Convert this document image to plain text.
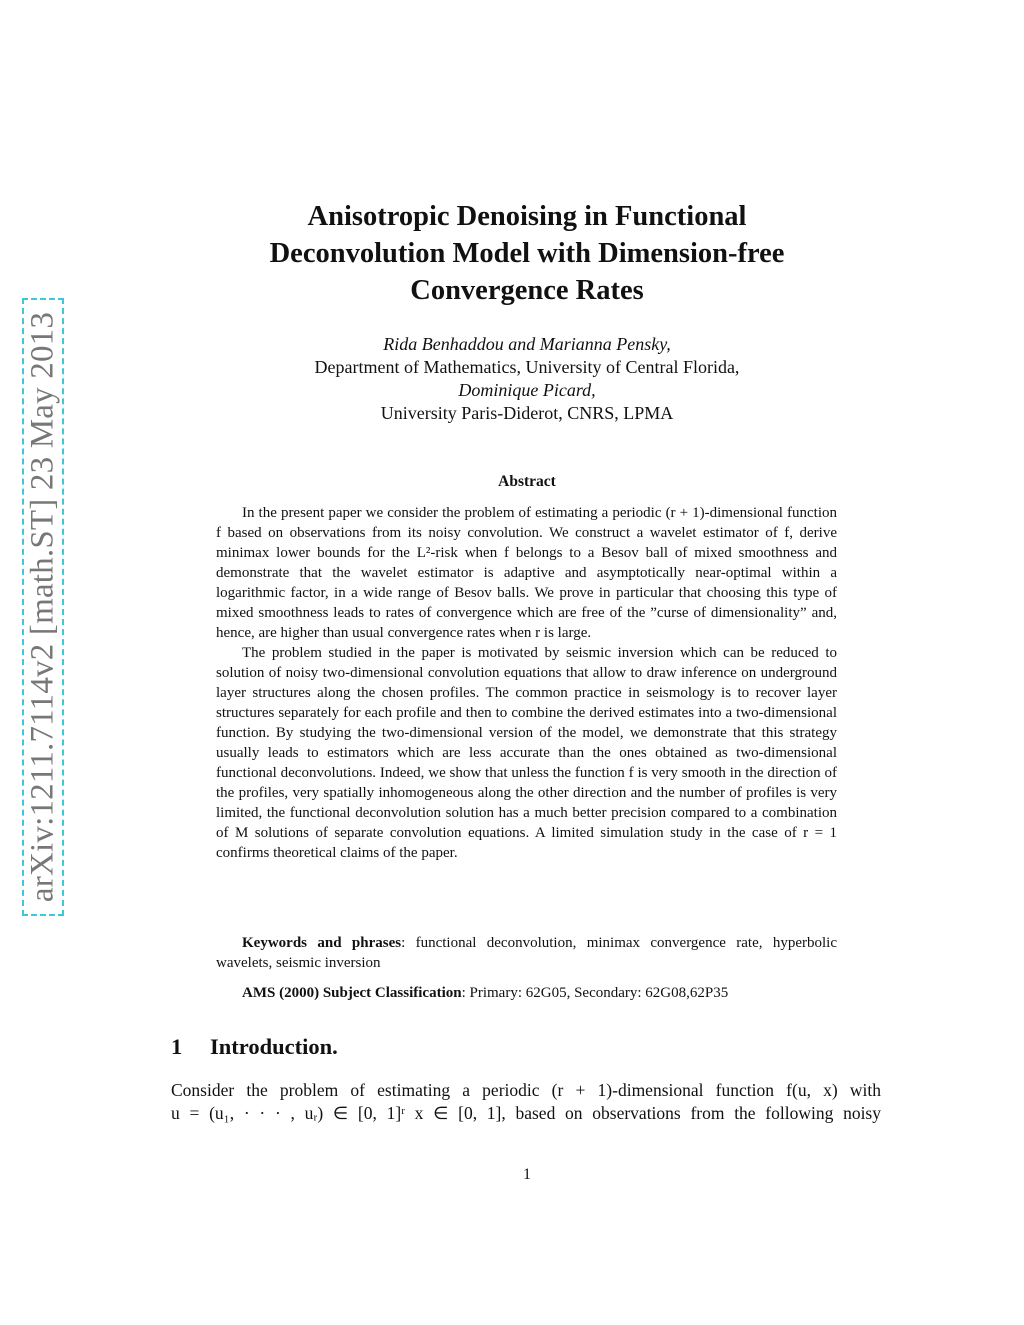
arXiv:1211.7114v2 [math.ST] 23 May 2013
Anisotropic Denoising in Functional
Deconvolution Model with Dimension-free
Convergence Rates
Rida Benhaddou and Marianna Pensky,
Department of Mathematics, University of Central Florida,
Dominique Picard,
University Paris-Diderot, CNRS, LPMA
Abstract

In the present paper we consider the problem of estimating a periodic (r + 1)-dimensional function f based on observations from its noisy convolution. We construct a wavelet estimator of f, derive minimax lower bounds for the L²-risk when f belongs to a Besov ball of mixed smoothness and demonstrate that the wavelet estimator is adaptive and asymptotically near-optimal within a logarithmic factor, in a wide range of Besov balls. We prove in particular that choosing this type of mixed smoothness leads to rates of convergence which are free of the ”curse of dimensionality” and, hence, are higher than usual convergence rates when r is large.

The problem studied in the paper is motivated by seismic inversion which can be reduced to solution of noisy two-dimensional convolution equations that allow to draw inference on underground layer structures along the chosen profiles. The common practice in seismology is to recover layer structures separately for each profile and then to combine the derived estimates into a two-dimensional function. By studying the two-dimensional version of the model, we demonstrate that this strategy usually leads to estimators which are less accurate than the ones obtained as two-dimensional functional deconvolutions. Indeed, we show that unless the function f is very smooth in the direction of the profiles, very spatially inhomogeneous along the other direction and the number of profiles is very limited, the functional deconvolution solution has a much better precision compared to a combination of M solutions of separate convolution equations. A limited simulation study in the case of r = 1 confirms theoretical claims of the paper.

Keywords and phrases: functional deconvolution, minimax convergence rate, hyperbolic wavelets, seismic inversion
AMS (2000) Subject Classification: Primary: 62G05, Secondary: 62G08,62P35
1 Introduction.
Consider the problem of estimating a periodic (r + 1)-dimensional function f(u, x) with
u = (u₁, · · · , uᵣ) ∈ [0, 1]ʳ x ∈ [0, 1], based on observations from the following noisy
1
